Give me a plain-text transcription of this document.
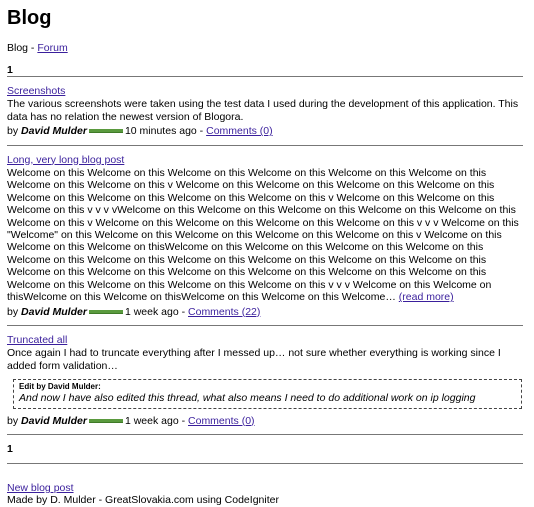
Blog
Blog - Forum
1
Screenshots

The various screenshots were taken using the test data I used during the development of this application. This data has no relation the newest version of Blogora.

by David Mulder	10 minutes ago - Comments (0)
Long, very long blog post

Welcome on this Welcome on this Welcome on this Welcome on this Welcome on this Welcome on this Welcome on this Welcome on this v Welcome on this Welcome on this Welcome on this Welcome on this Welcome on this Welcome on this Welcome on this Welcome on this v Welcome on this Welcome on this Welcome on this v v v vWelcome on this Welcome on this Welcome on this Welcome on this Welcome on this Welcome on this v Welcome on this Welcome on this Welcome on this Welcome on this v v v Welcome on this "Welcome" on this Welcome on this Welcome on this Welcome on this Welcome on this v Welcome on this Welcome on this Welcome on thisWelcome on this Welcome on this Welcome on this Welcome on this Welcome on this Welcome on this Welcome on this Welcome on this Welcome on this Welcome on this Welcome on this Welcome on this Welcome on this Welcome on this Welcome on this Welcome on this Welcome on this Welcome on this Welcome on this Welcome on this v v v Welcome on this Welcome on thisWelcome on this Welcome on thisWelcome on this Welcome on this Welcome… (read more)

by David Mulder	1 week ago - Comments (22)
Truncated all

Once again I had to truncate everything after I messed up… not sure whether everything is working since I added form validation…

Edit by David Mulder:
And now I have also edited this thread, what also means I need to do additional work on ip logging
by David Mulder	1 week ago - Comments (0)
1
New blog post
Made by D. Mulder - GreatSlovakia.com using CodeIgniter
